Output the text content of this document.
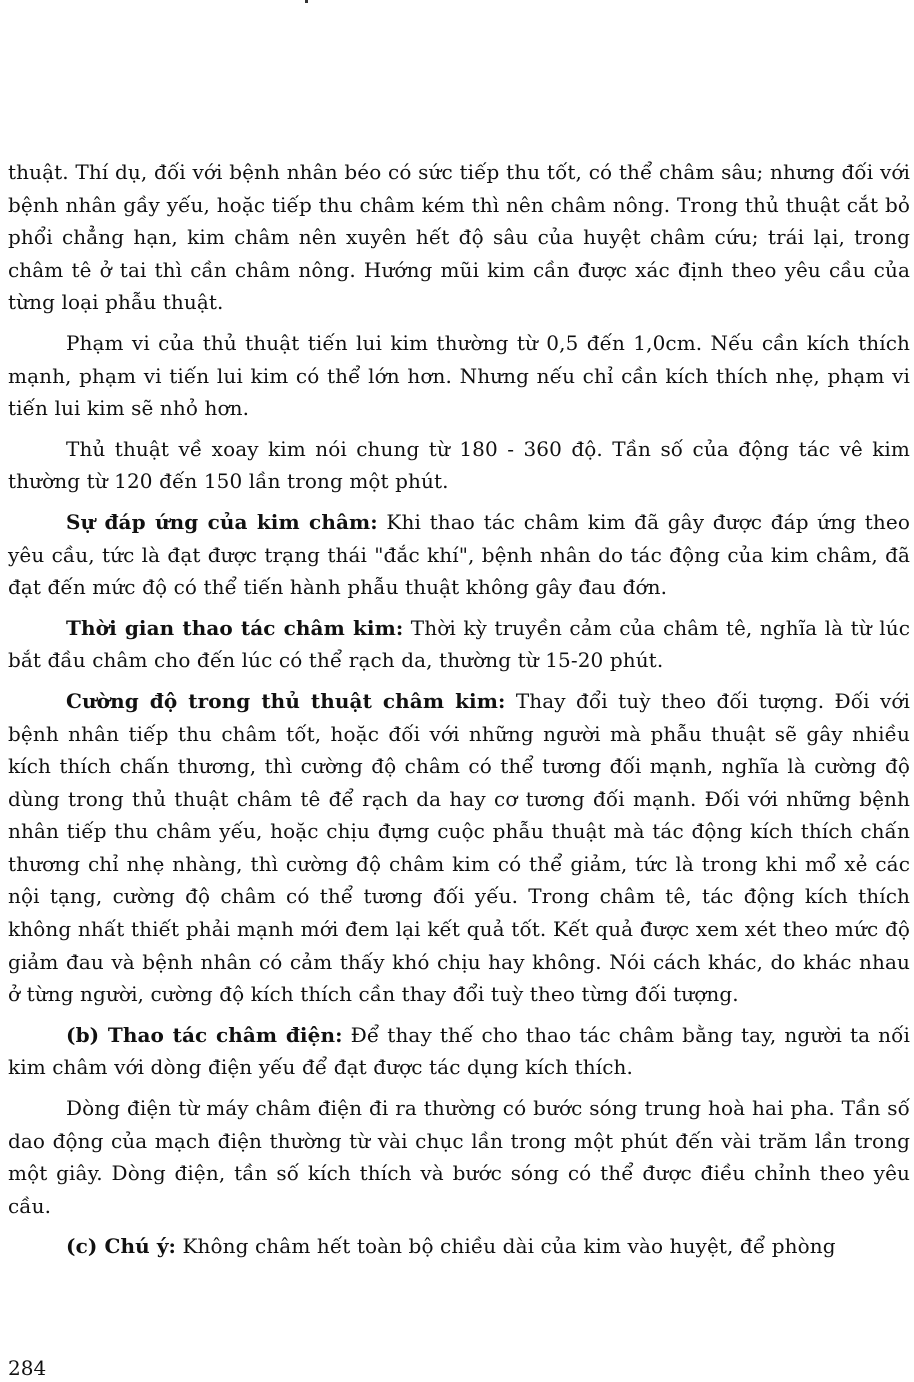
thuật. Thí dụ, đối với bệnh nhân béo có sức tiếp thu tốt, có thể châm sâu; nhưng đối với bệnh nhân gầy yếu, hoặc tiếp thu châm kém thì nên châm nông. Trong thủ thuật cắt bỏ phổi chẳng hạn, kim châm nên xuyên hết độ sâu của huyệt châm cứu; trái lại, trong châm tê ở tai thì cần châm nông. Hướng mũi kim cần được xác định theo yêu cầu của từng loại phẫu thuật.

Phạm vi của thủ thuật tiến lui kim thường từ 0,5 đến 1,0cm. Nếu cần kích thích mạnh, phạm vi tiến lui kim có thể lớn hơn. Nhưng nếu chỉ cần kích thích nhẹ, phạm vi tiến lui kim sẽ nhỏ hơn.

Thủ thuật về xoay kim nói chung từ 180 - 360 độ. Tần số của động tác vê kim thường từ 120 đến 150 lần trong một phút.

Sự đáp ứng của kim châm: Khi thao tác châm kim đã gây được đáp ứng theo yêu cầu, tức là đạt được trạng thái "đắc khí", bệnh nhân do tác động của kim châm, đã đạt đến mức độ có thể tiến hành phẫu thuật không gây đau đớn.

Thời gian thao tác châm kim: Thời kỳ truyền cảm của châm tê, nghĩa là từ lúc bắt đầu châm cho đến lúc có thể rạch da, thường từ 15-20 phút.

Cường độ trong thủ thuật châm kim: Thay đổi tuỳ theo đối tượng. Đối với bệnh nhân tiếp thu châm tốt, hoặc đối với những người mà phẫu thuật sẽ gây nhiều kích thích chấn thương, thì cường độ châm có thể tương đối mạnh, nghĩa là cường độ dùng trong thủ thuật châm tê để rạch da hay cơ tương đối mạnh. Đối với những bệnh nhân tiếp thu châm yếu, hoặc chịu đựng cuộc phẫu thuật mà tác động kích thích chấn thương chỉ nhẹ nhàng, thì cường độ châm kim có thể giảm, tức là trong khi mổ xẻ các nội tạng, cường độ châm có thể tương đối yếu. Trong châm tê, tác động kích thích không nhất thiết phải mạnh mới đem lại kết quả tốt. Kết quả được xem xét theo mức độ giảm đau và bệnh nhân có cảm thấy khó chịu hay không. Nói cách khác, do khác nhau ở từng người, cường độ kích thích cần thay đổi tuỳ theo từng đối tượng.

(b) Thao tác châm điện: Để thay thế cho thao tác châm bằng tay, người ta nối kim châm với dòng điện yếu để đạt được tác dụng kích thích.

Dòng điện từ máy châm điện đi ra thường có bước sóng trung hoà hai pha. Tần số dao động của mạch điện thường từ vài chục lần trong một phút đến vài trăm lần trong một giây. Dòng điện, tần số kích thích và bước sóng có thể được điều chỉnh theo yêu cầu.

(c) Chú ý: Không châm hết toàn bộ chiều dài của kim vào huyệt, để phòng

284
